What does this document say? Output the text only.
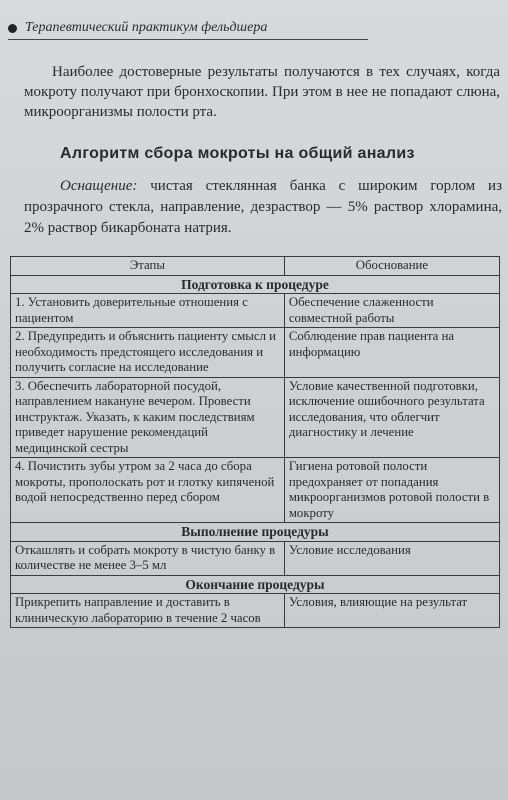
Терапевтический практикум фельдшера
Наиболее достоверные результаты получаются в тех случаях, когда мокроту получают при бронхоскопии. При этом в нее не попадают слюна, микроорганизмы полости рта.
Алгоритм сбора мокроты на общий анализ
Оснащение: чистая стеклянная банка с широким горлом из прозрачного стекла, направление, дезраствор — 5% раствор хлорамина, 2% раствор бикарбоната натрия.
Этапы	Обоснование
Подготовка к процедуре	
1. Установить доверительные отношения с пациентом	Обеспечение слаженности совместной работы
2. Предупредить и объяснить пациенту смысл и необходимость предстоящего исследования и получить согласие на исследование	Соблюдение прав пациента на информацию
3. Обеспечить лабораторной посудой, направлением накануне вечером. Провести инструктаж. Указать, к каким последствиям приведет нарушение рекомендаций медицинской сестры	Условие качественной подготовки, исключение ошибочного результата исследования, что облегчит диагностику и лечение
4. Почистить зубы утром за 2 часа до сбора мокроты, прополоскать рот и глотку кипяченой водой непосредственно перед сбором	Гигиена ротовой полости предохраняет от попадания микроорганизмов ротовой полости в мокроту
Выполнение процедуры	
Откашлять и собрать мокроту в чистую банку в количестве не менее 3–5 мл	Условие исследования
Окончание процедуры	
Прикрепить направление и доставить в клиническую лабораторию в течение 2 часов	Условия, влияющие на результат
